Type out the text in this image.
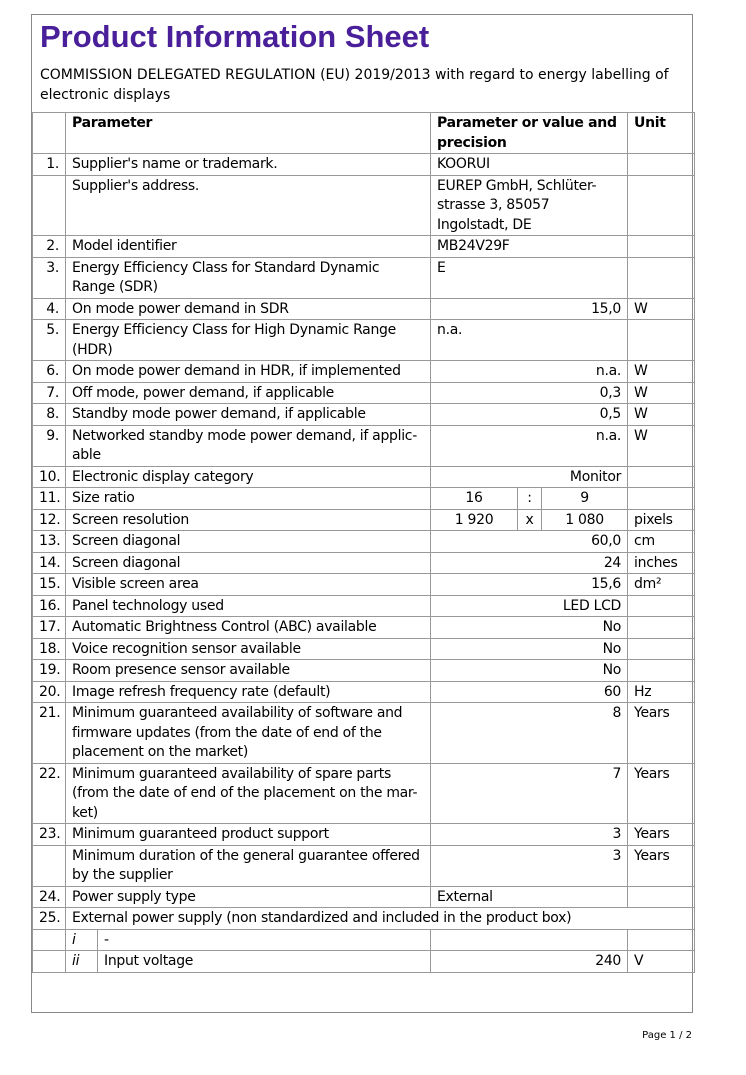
Product Information Sheet
COMMISSION DELEGATED REGULATION (EU) 2019/2013 with regard to energy labelling of electronic displays
	Parameter		Parameter or value and precision			Unit
1.	Supplier's name or trademark.		KOORUI			
	Supplier's address.		EUREP GmbH, Schlüter-strasse 3, 85057 Ingolstadt, DE			
2.	Model identifier		MB24V29F			
3.	Energy Efficiency Class for Standard Dynamic Range (SDR)		E			
4.	On mode power demand in SDR		15,0			W
5.	Energy Efficiency Class for High Dynamic Range (HDR)		n.a.			
6.	On mode power demand in HDR, if implemented		n.a.			W
7.	Off mode, power demand, if applicable		0,3			W
8.	Standby mode power demand, if applicable		0,5			W
9.	Networked standby mode power demand, if applic-able		n.a.			W
10.	Electronic display category		Monitor			
11.	Size ratio		16	:	9	
12.	Screen resolution		1 920	x	1 080	pixels
13.	Screen diagonal		60,0			cm
14.	Screen diagonal		24			inches
15.	Visible screen area		15,6			dm²
16.	Panel technology used		LED LCD			
17.	Automatic Brightness Control (ABC) available		No			
18.	Voice recognition sensor available		No			
19.	Room presence sensor available		No			
20.	Image refresh frequency rate (default)		60			Hz
21.	Minimum guaranteed availability of software and firmware updates (from the date of end of the placement on the market)		8			Years
22.	Minimum guaranteed availability of spare parts (from the date of end of the placement on the mar-ket)		7			Years
23.	Minimum guaranteed product support		3			Years
	Minimum duration of the general guarantee offered by the supplier		3			Years
24.	Power supply type		External			
25.	External power supply (non standardized and included in the product box)					
	i	-				
	ii	Input voltage	240			V
Page 1 / 2
